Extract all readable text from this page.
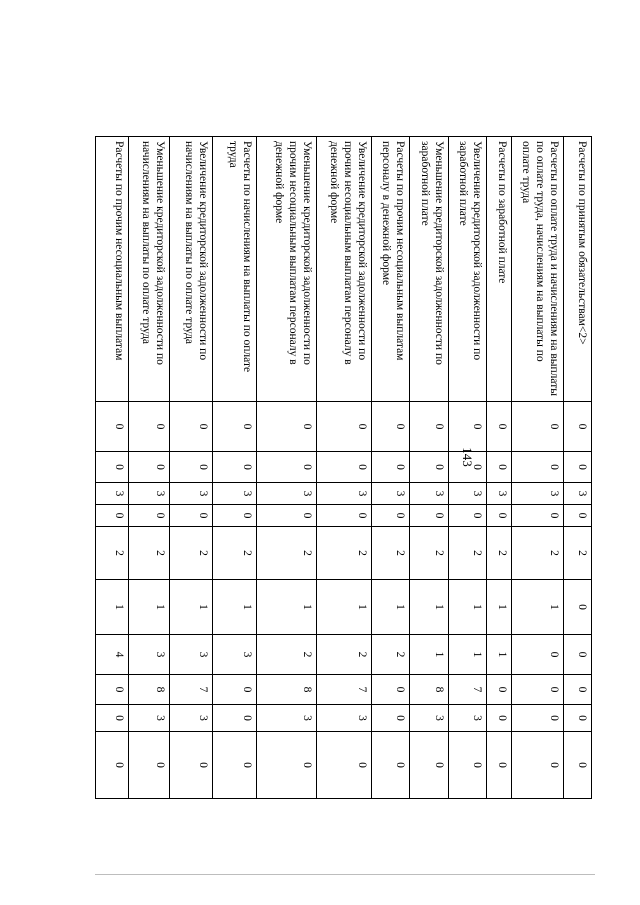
143
Расчеты по принятым обязательствам<2>	0	0	3	0	2	0	0	0	0	0
Расчеты по оплате труда и начислениям на выплаты по оплате труда, начислениям на выплаты по оплате труда	0	0	3	0	2	1	0	0	0	0
Расчеты по заработной плате	0	0	3	0	2	1	1	0	0	0
Увеличение кредиторской задолженности по заработной плате	0	0	3	0	2	1	1	7	3	0
Уменьшение кредиторской задолженности по заработной плате	0	0	3	0	2	1	1	8	3	0
Расчеты по прочим несоциальным выплатам персоналу в денежной форме	0	0	3	0	2	1	2	0	0	0
Увеличение кредиторской задолженности по прочим несоциальным выплатам персоналу в денежной форме	0	0	3	0	2	1	2	7	3	0
Уменьшение кредиторской задолженности по прочим несоциальным выплатам персоналу в денежной форме	0	0	3	0	2	1	2	8	3	0
Расчеты по начислениям на выплаты по оплате труда	0	0	3	0	2	1	3	0	0	0
Увеличение кредиторской задолженности по начислениям на выплаты по оплате труда	0	0	3	0	2	1	3	7	3	0
Уменьшение кредиторской задолженности по начислениям на выплаты по оплате труда	0	0	3	0	2	1	3	8	3	0
Расчеты по прочим несоциальным выплатам	0	0	3	0	2	1	4	0	0	0
